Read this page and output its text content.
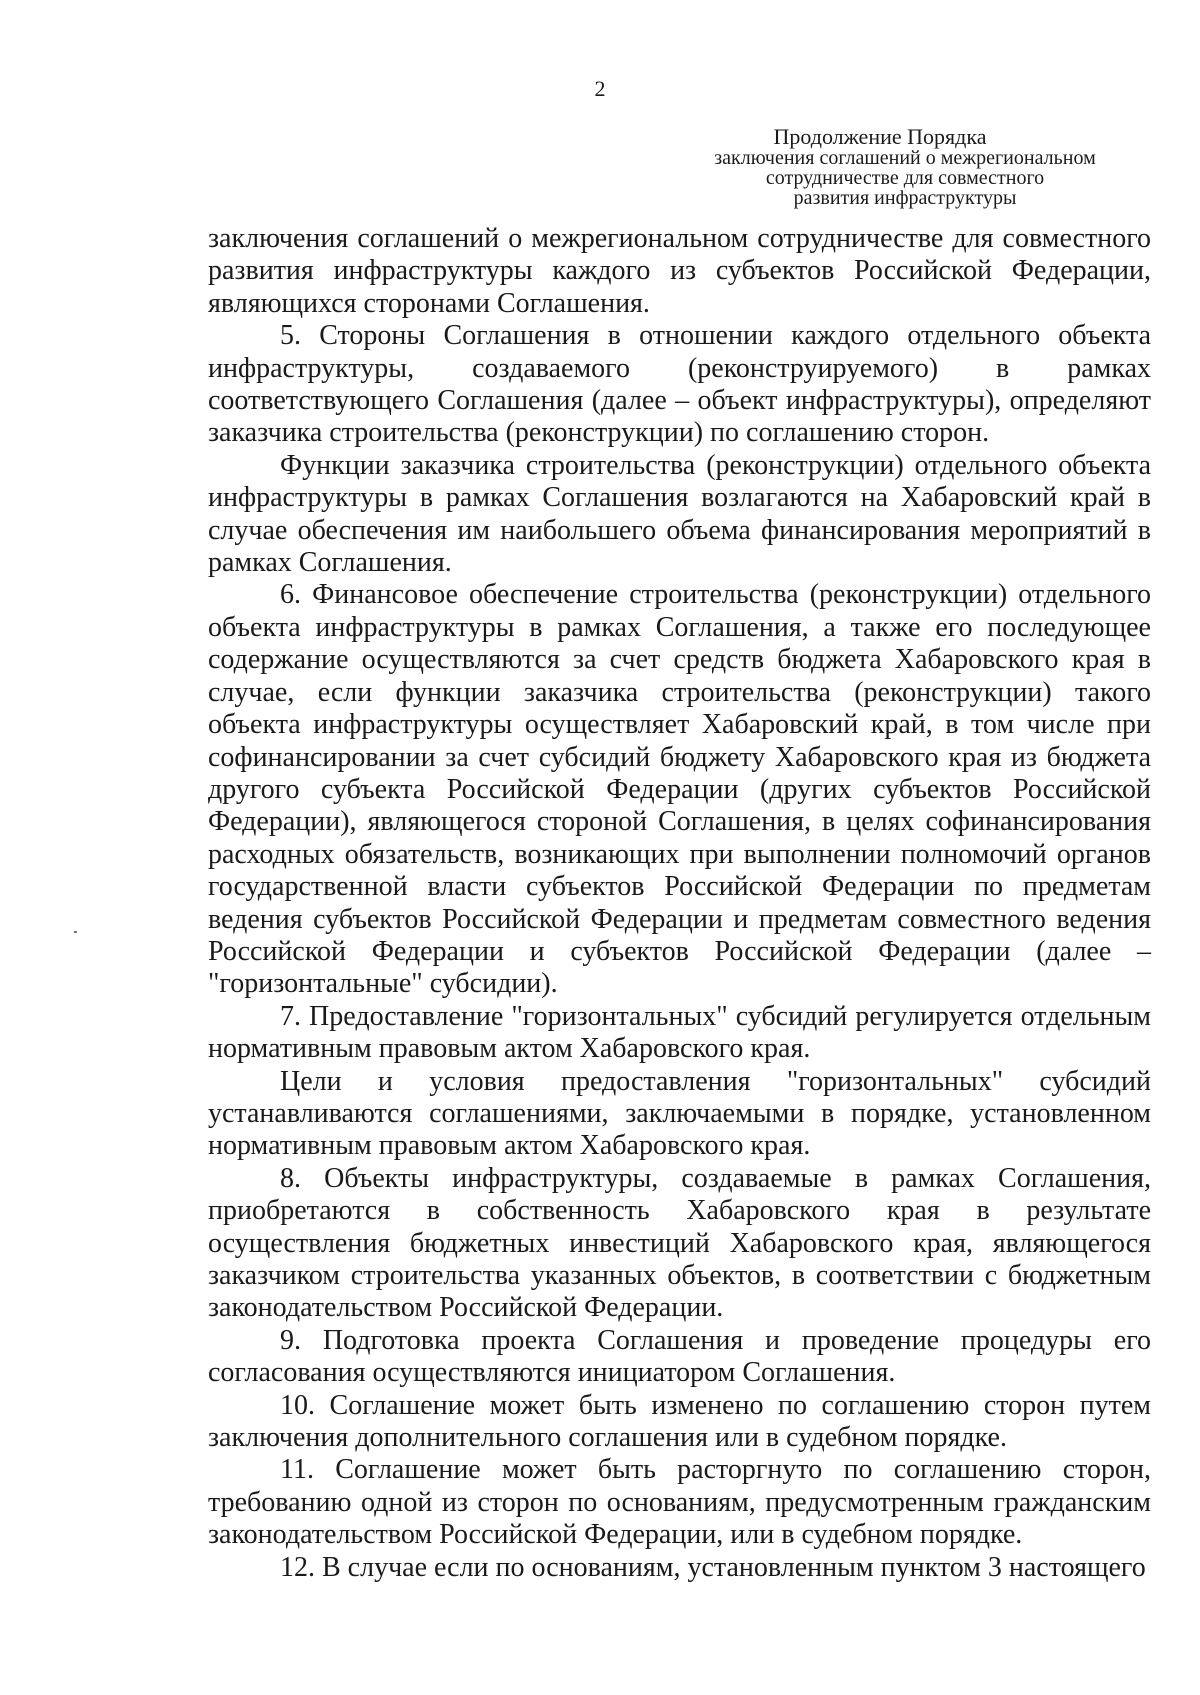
2
Продолжение Порядка
заключения соглашений о межрегиональном
сотрудничестве для совместного
развития инфраструктуры

заключения соглашений о межрегиональном сотрудничестве для совместного развития инфраструктуры каждого из субъектов Российской Федерации, являющихся сторонами Соглашения.

5. Стороны Соглашения в отношении каждого отдельного объекта инфраструктуры, создаваемого (реконструируемого) в рамках соответствующего Соглашения (далее – объект инфраструктуры), определяют заказчика строительства (реконструкции) по соглашению сторон.

Функции заказчика строительства (реконструкции) отдельного объекта инфраструктуры в рамках Соглашения возлагаются на Хабаровский край в случае обеспечения им наибольшего объема финансирования мероприятий в рамках Соглашения.

6. Финансовое обеспечение строительства (реконструкции) отдельного объекта инфраструктуры в рамках Соглашения, а также его последующее содержание осуществляются за счет средств бюджета Хабаровского края в случае, если функции заказчика строительства (реконструкции) такого объекта инфраструктуры осуществляет Хабаровский край, в том числе при софинансировании за счет субсидий бюджету Хабаровского края из бюджета другого субъекта Российской Федерации (других субъектов Российской Федерации), являющегося стороной Соглашения, в целях софинансирования расходных обязательств, возникающих при выполнении полномочий органов государственной власти субъектов Российской Федерации по предметам ведения субъектов Российской Федерации и предметам совместного ведения Российской Федерации и субъектов Российской Федерации (далее – "горизонтальные" субсидии).

7. Предоставление "горизонтальных" субсидий регулируется отдельным нормативным правовым актом Хабаровского края.

Цели и условия предоставления "горизонтальных" субсидий устанавливаются соглашениями, заключаемыми в порядке, установленном нормативным правовым актом Хабаровского края.

8. Объекты инфраструктуры, создаваемые в рамках Соглашения, приобретаются в собственность Хабаровского края в результате осуществления бюджетных инвестиций Хабаровского края, являющегося заказчиком строительства указанных объектов, в соответствии с бюджетным законодательством Российской Федерации.

9. Подготовка проекта Соглашения и проведение процедуры его согласования осуществляются инициатором Соглашения.

10. Соглашение может быть изменено по соглашению сторон путем заключения дополнительного соглашения или в судебном порядке.

11. Соглашение может быть расторгнуто по соглашению сторон, требованию одной из сторон по основаниям, предусмотренным гражданским законодательством Российской Федерации, или в судебном порядке.

12. В случае если по основаниям, установленным пунктом 3 настоящего
